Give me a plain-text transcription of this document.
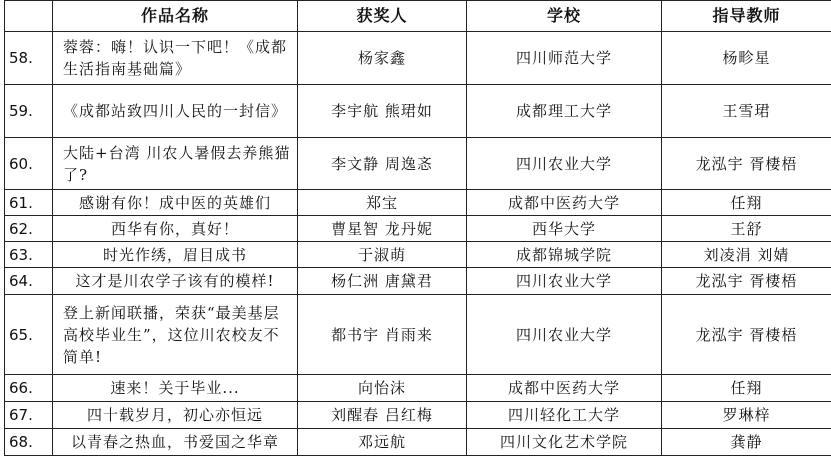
	作品名称	获奖人	学校	指导教师
58.	蓉蓉：嗨！认识一下吧！《成都生活指南基础篇》	杨家鑫	四川师范大学	杨畛星
59.	《成都站致四川人民的一封信》	李宇航 熊珺如	成都理工大学	王雪珺
60.	大陆+台湾 川农人暑假去养熊猫了?	李文静 周逸忞	四川农业大学	龙泓宇 胥棲梧
61.	感谢有你！成中医的英雄们	郑宝	成都中医药大学	任翔
62.	西华有你，真好！	曹星智 龙丹妮	西华大学	王舒
63.	时光作绣，眉目成书	于淑萌	成都锦城学院	刘凌涓 刘婧
64.	这才是川农学子该有的模样!	杨仁洲 唐黛君	四川农业大学	龙泓宇 胥棲梧
65.	登上新闻联播，荣获“最美基层高校毕业生”，这位川农校友不简单!	都书宇 肖雨来	四川农业大学	龙泓宇 胥棲梧
66.	速来！关于毕业...	向怡沫	成都中医药大学	任翔
67.	四十载岁月，初心亦恒远	刘醒春 吕红梅	四川轻化工大学	罗琳梓
68.	以青春之热血，书爱国之华章	邓远航	四川文化艺术学院	龚静
